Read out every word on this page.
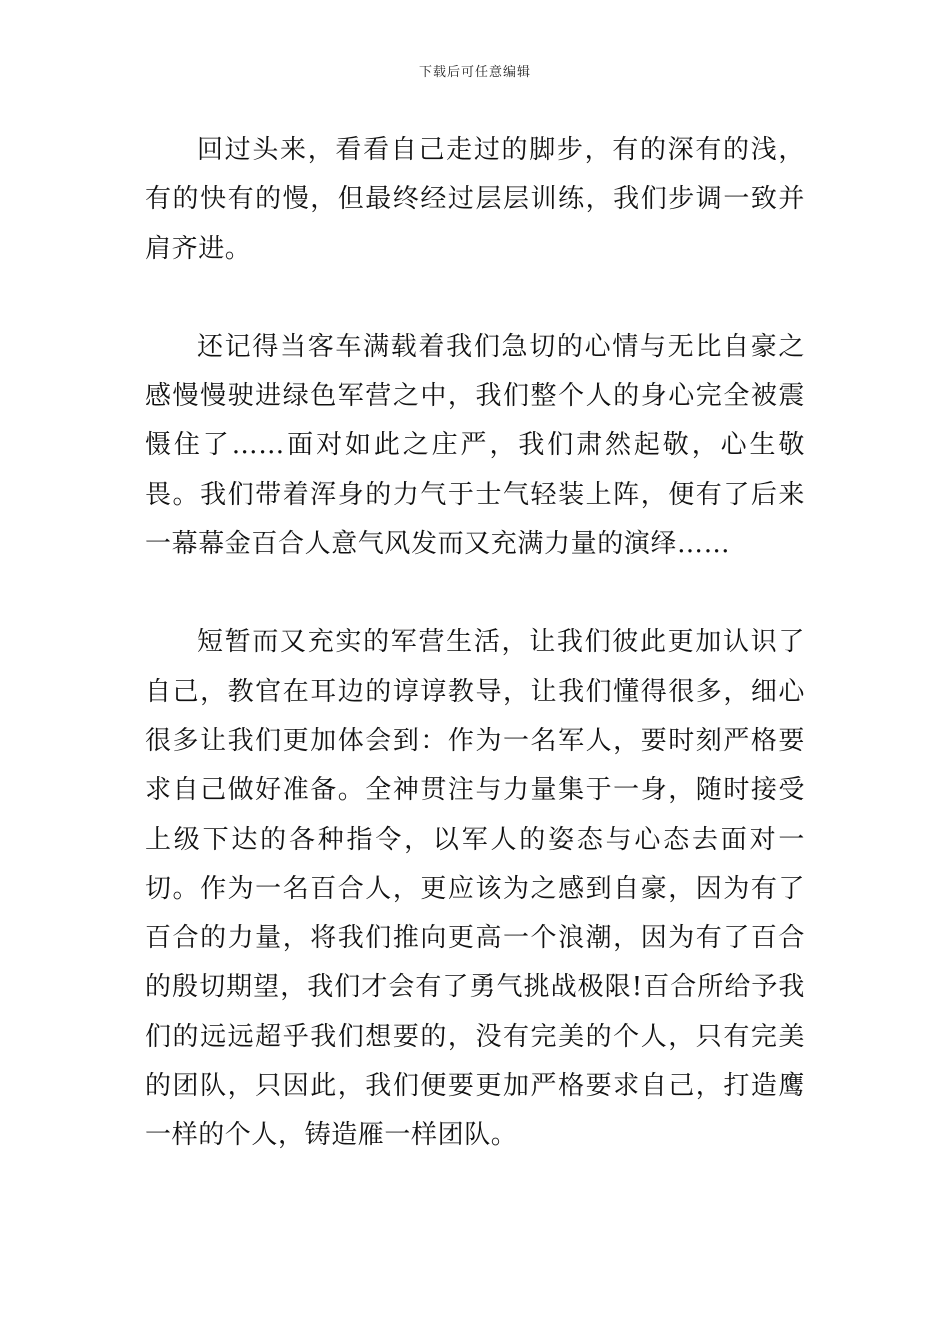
下载后可任意编辑

回过头来，看看自己走过的脚步，有的深有的浅，有的快有的慢，但最终经过层层训练，我们步调一致并肩齐进。

还记得当客车满载着我们急切的心情与无比自豪之感慢慢驶进绿色军营之中，我们整个人的身心完全被震慑住了……面对如此之庄严，我们肃然起敬，心生敬畏。我们带着浑身的力气于士气轻装上阵，便有了后来一幕幕金百合人意气风发而又充满力量的演绎……

短暂而又充实的军营生活，让我们彼此更加认识了自己，教官在耳边的谆谆教导，让我们懂得很多，细心很多让我们更加体会到：作为一名军人，要时刻严格要求自己做好准备。全神贯注与力量集于一身，随时接受上级下达的各种指令，以军人的姿态与心态去面对一切。作为一名百合人，更应该为之感到自豪，因为有了百合的力量，将我们推向更高一个浪潮，因为有了百合的殷切期望，我们才会有了勇气挑战极限!百合所给予我们的远远超乎我们想要的，没有完美的个人，只有完美的团队，只因此，我们便要更加严格要求自己，打造鹰一样的个人，铸造雁一样团队。
